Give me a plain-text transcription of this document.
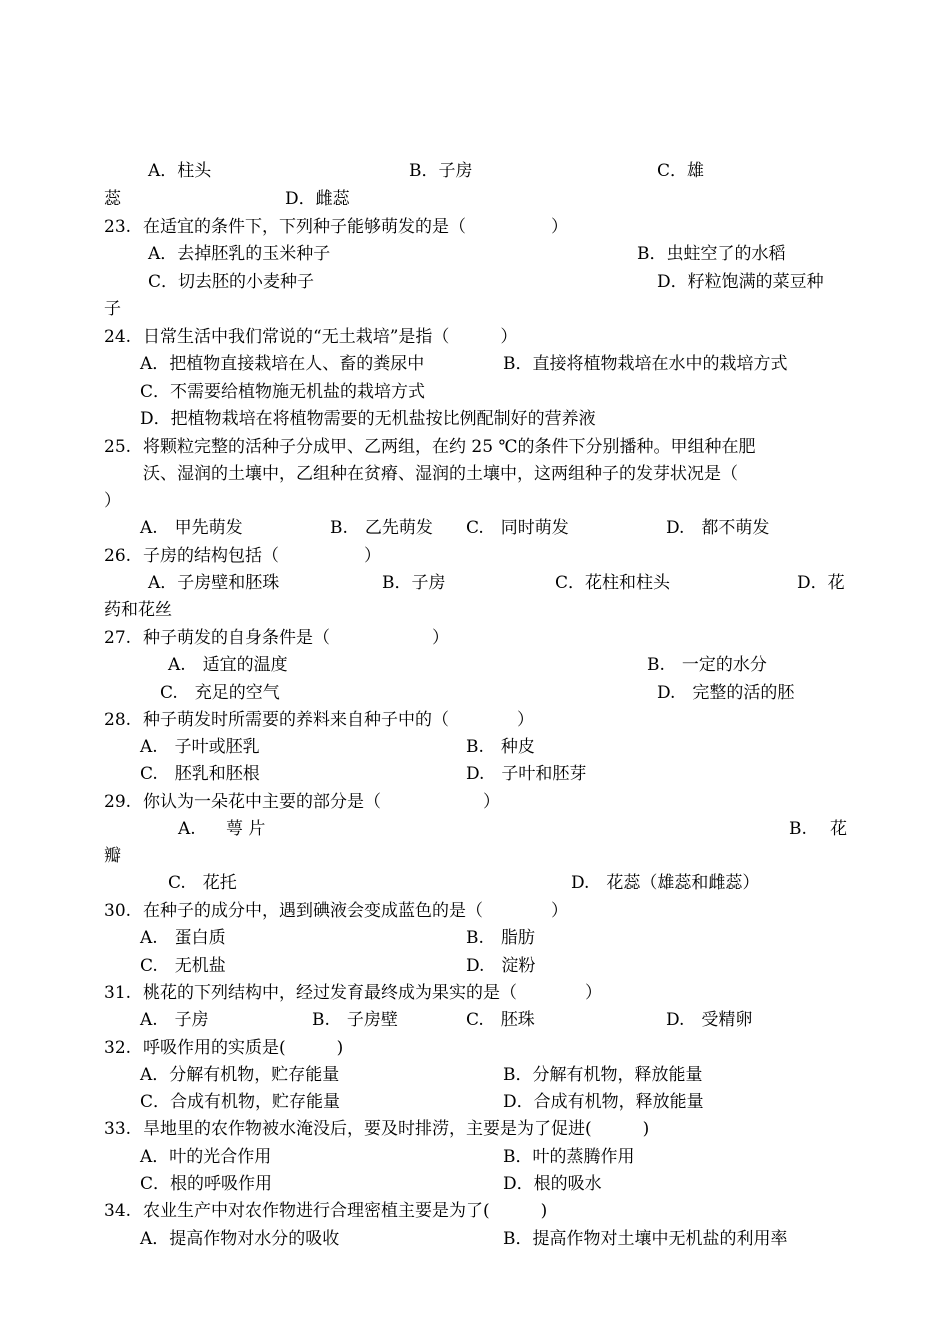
A．柱头	B．子房	C．雄
蕊	D．雌蕊
23. 在适宜的条件下，下列种子能够萌发的是（　　　　　）
A．去掉胚乳的玉米种子	B．虫蛀空了的水稻
C．切去胚的小麦种子	D．籽粒饱满的菜豆种
子
24. 日常生活中我们常说的“无土栽培”是指（　　　）
A．把植物直接栽培在人、畜的粪尿中	B．直接将植物栽培在水中的栽培方式
C．不需要给植物施无机盐的栽培方式
D．把植物栽培在将植物需要的无机盐按比例配制好的营养液
25. 将颗粒完整的活种子分成甲、乙两组，在约 25 ℃的条件下分别播种。甲组种在肥
沃、湿润的土壤中，乙组种在贫瘠、湿润的土壤中，这两组种子的发芽状况是（
）
A.　甲先萌发	B.　乙先萌发 C.　同时萌发	D.　都不萌发
26. 子房的结构包括（　　　　　）
A．子房壁和胚珠	B．子房	C．花柱和柱头	D．花
药和花丝
27. 种子萌发的自身条件是（　　　　　　）
A.　适宜的温度	B.　一定的水分
C.　充足的空气	D.　完整的活的胚
28. 种子萌发时所需要的养料来自种子中的（　　　　）
A.　子叶或胚乳	B.　种皮
C.　胚乳和胚根	D.　子叶和胚芽
29. 你认为一朵花中主要的部分是（　　　　　　）
A. 萼 片	B. 花
瓣
C.　花托	D.　花蕊（雄蕊和雌蕊）
30. 在种子的成分中，遇到碘液会变成蓝色的是（　　　　）
A.　蛋白质	B.　脂肪
C.　无机盐	D.　淀粉
31. 桃花的下列结构中，经过发育最终成为果实的是（　　　　）
A.　子房	B.　子房壁	C.　胚珠	D.　受精卵
32. 呼吸作用的实质是(　　　)
A．分解有机物，贮存能量	B．分解有机物，释放能量
C．合成有机物，贮存能量	D．合成有机物，释放能量
33. 旱地里的农作物被水淹没后，要及时排涝，主要是为了促进(　　　)
A．叶的光合作用	B．叶的蒸腾作用
C．根的呼吸作用	D．根的吸水
34. 农业生产中对农作物进行合理密植主要是为了(　　　)
A．提高作物对水分的吸收	B．提高作物对土壤中无机盐的利用率
